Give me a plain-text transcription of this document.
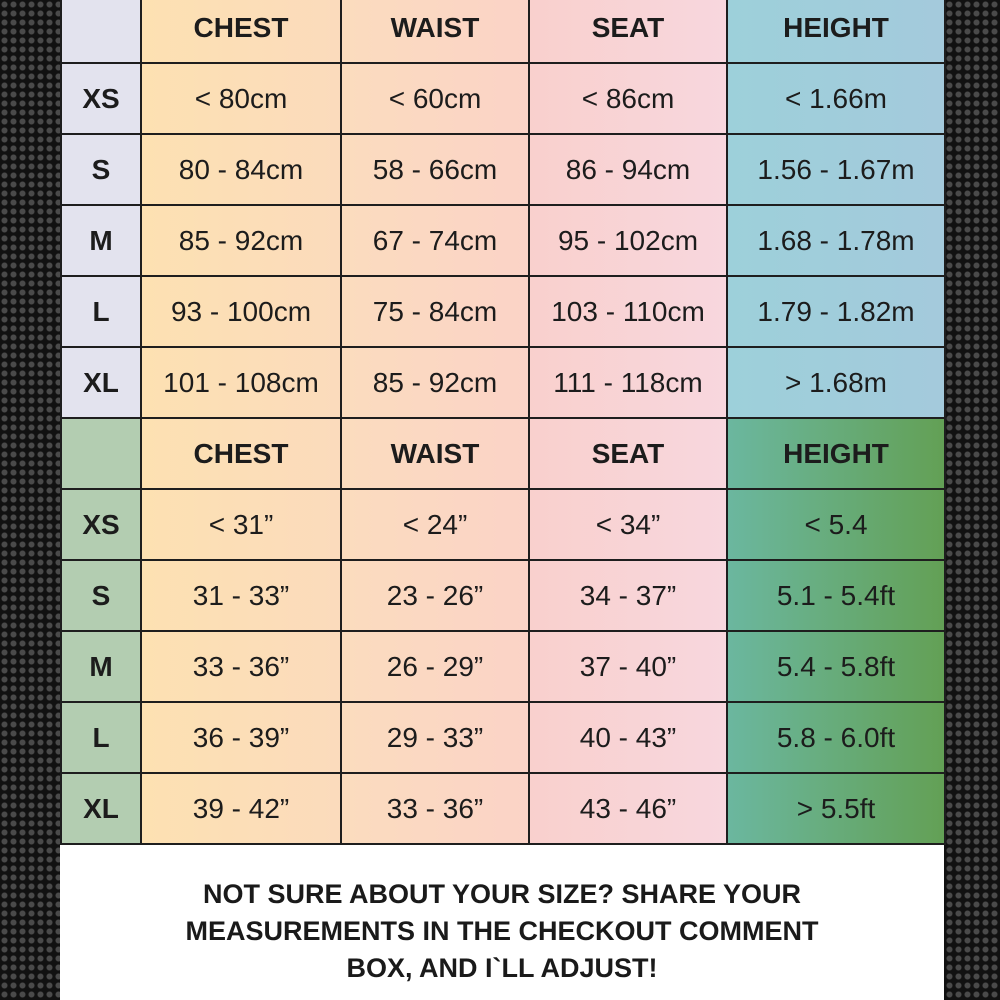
	CHEST	WAIST	SEAT	HEIGHT
XS	< 80cm	< 60cm	< 86cm	< 1.66m
S	80 - 84cm	58 - 66cm	86 - 94cm	1.56 - 1.67m
M	85 - 92cm	67 - 74cm	95 - 102cm	1.68 - 1.78m
L	93 - 100cm	75 - 84cm	103 - 110cm	1.79 - 1.82m
XL	101 - 108cm	85 - 92cm	111 - 118cm	> 1.68m
	CHEST	WAIST	SEAT	HEIGHT
XS	< 31”	< 24”	< 34”	< 5.4
S	31 - 33”	23 - 26”	34 - 37”	5.1 - 5.4ft
M	33 - 36”	26 - 29”	37 - 40”	5.4 - 5.8ft
L	36 - 39”	29 - 33”	40 - 43”	5.8 - 6.0ft
XL	39 - 42”	33 - 36”	43 - 46”	> 5.5ft
NOT SURE ABOUT YOUR SIZE? SHARE YOUR
MEASUREMENTS IN THE CHECKOUT COMMENT
BOX, AND I`LL ADJUST!
